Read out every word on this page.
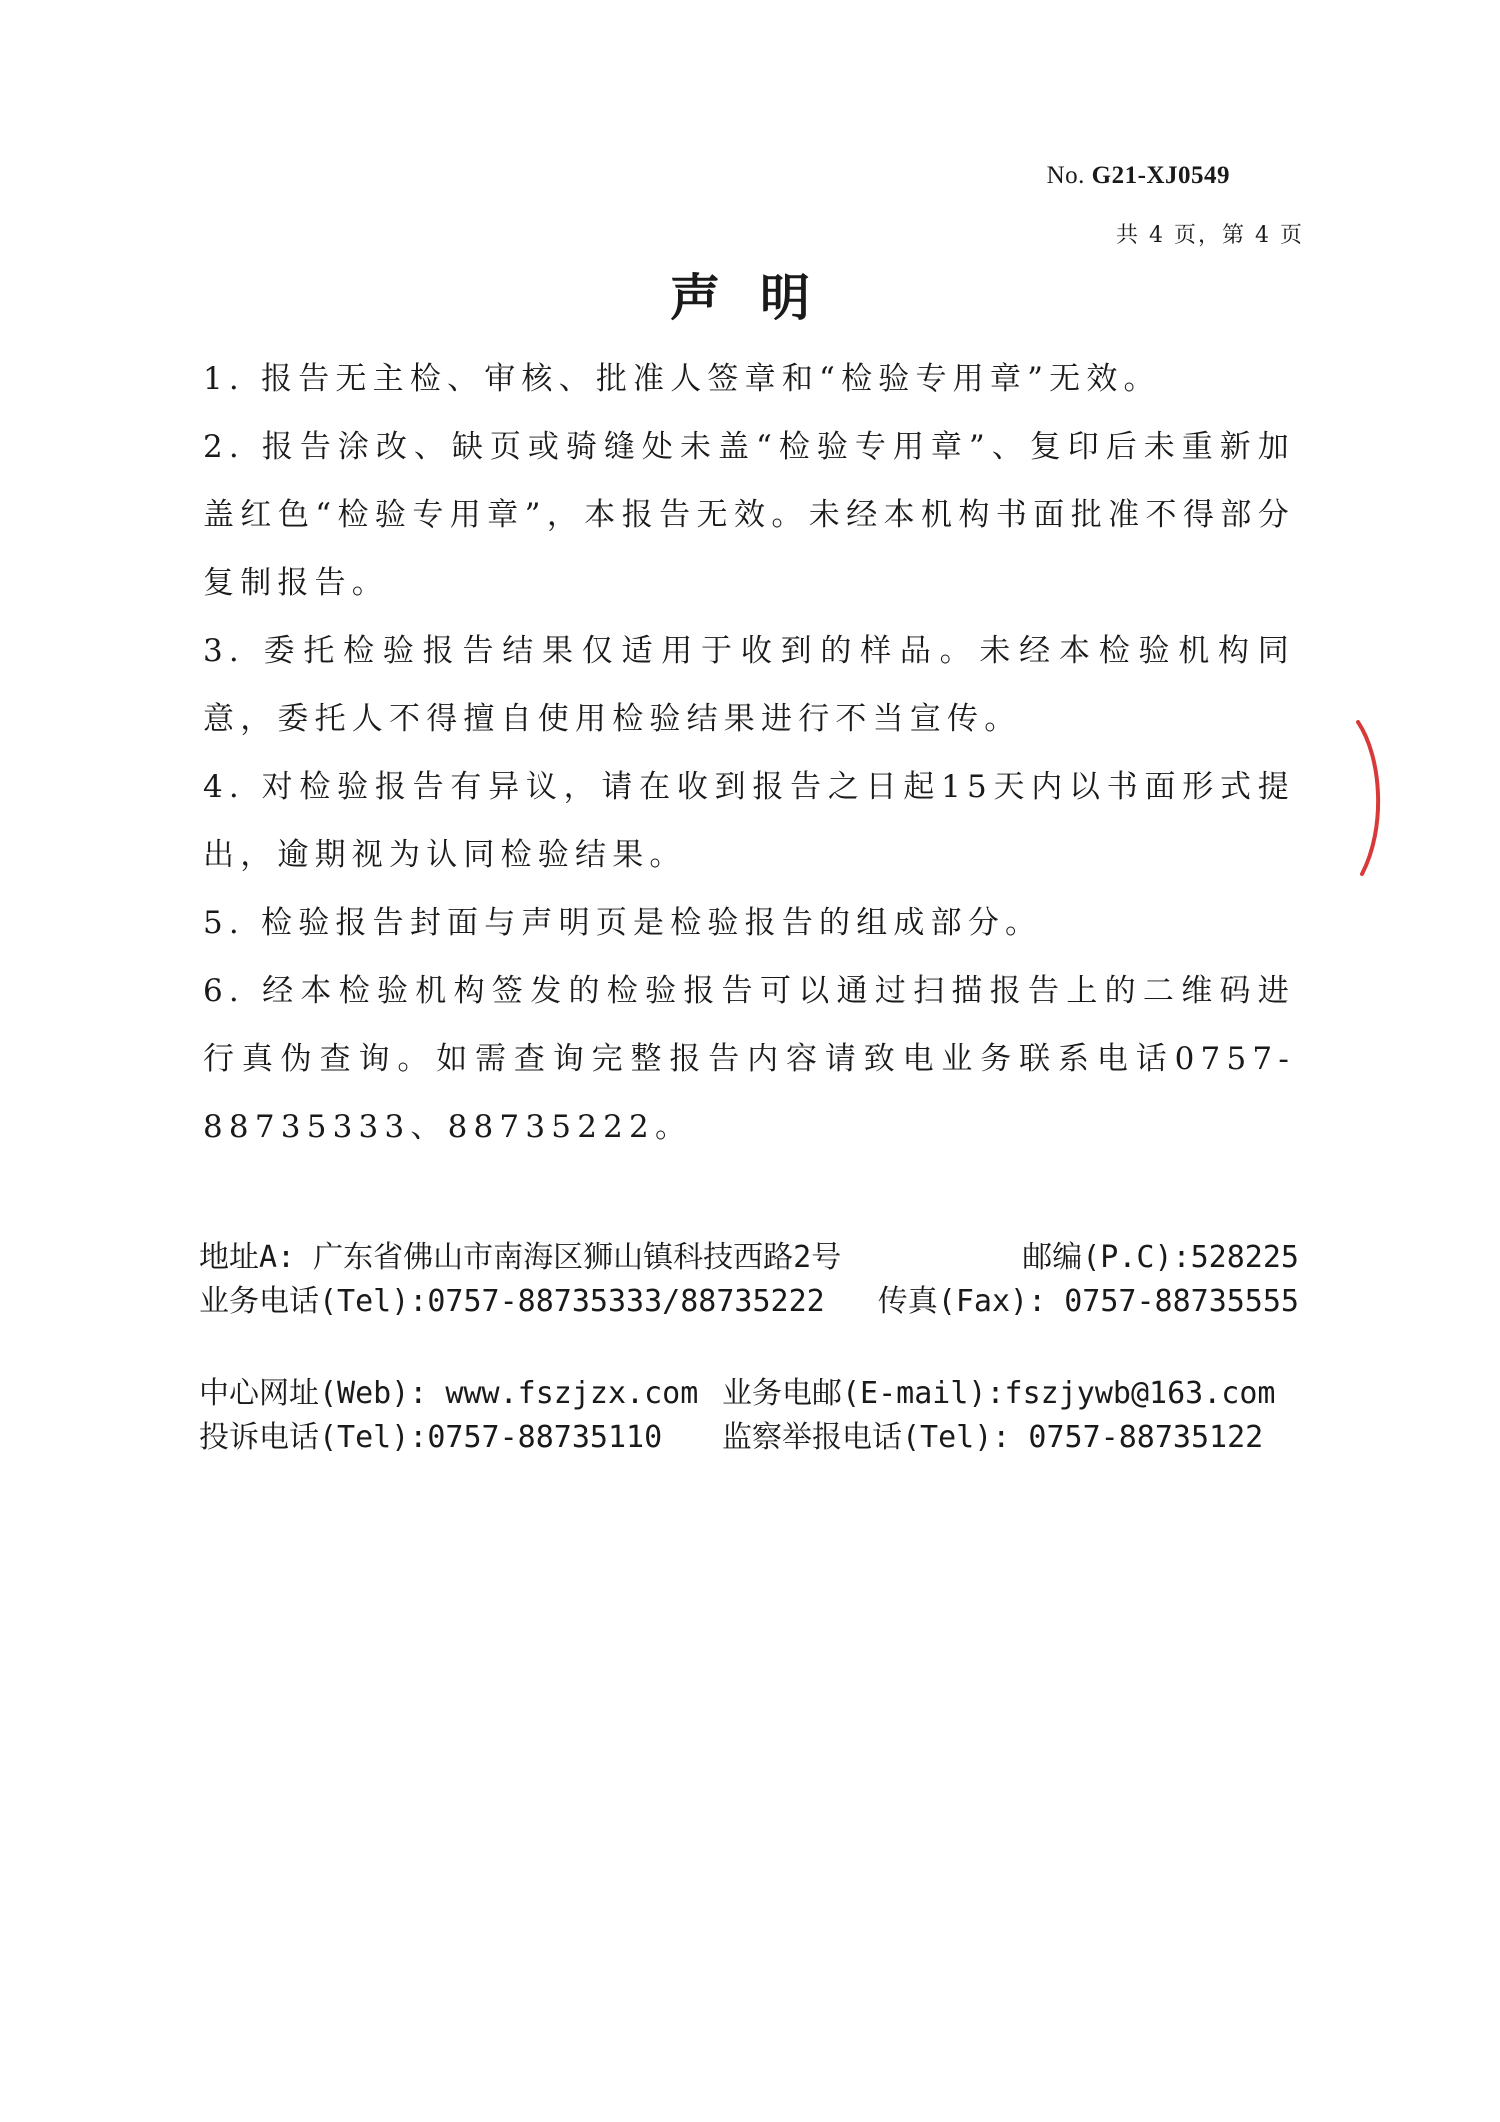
No. G21-XJ0549
共 4 页，第 4 页
声明

1. 报告无主检、审核、批准人签章和“检验专用章”无效。

2. 报告涂改、缺页或骑缝处未盖“检验专用章”、复印后未重新加盖红色“检验专用章”，本报告无效。未经本机构书面批准不得部分复制报告。

3. 委托检验报告结果仅适用于收到的样品。未经本检验机构同意，委托人不得擅自使用检验结果进行不当宣传。

4. 对检验报告有异议，请在收到报告之日起15天内以书面形式提出，逾期视为认同检验结果。

5. 检验报告封面与声明页是检验报告的组成部分。

6. 经本检验机构签发的检验报告可以通过扫描报告上的二维码进行真伪查询。如需查询完整报告内容请致电业务联系电话0757-88735333、88735222。

地址A: 广东省佛山市南海区狮山镇科技西路2号	邮编(P.C):528225
业务电话(Tel):0757-88735333/88735222 传真(Fax): 0757-88735555
中心网址(Web): www.fszjzx.com 业务电邮(E-mail):fszjywb@163.com
投诉电话(Tel):0757-88735110	监察举报电话(Tel): 0757-88735122
